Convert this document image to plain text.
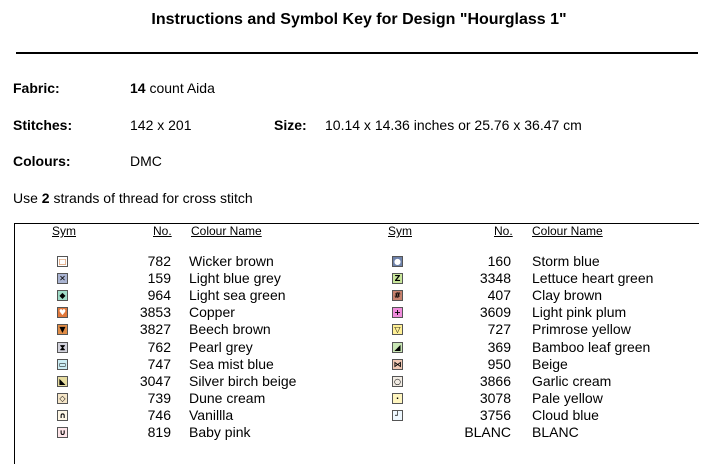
Instructions and Symbol Key for Design "Hourglass 1"
Fabric:	14 count Aida
Stitches:	142 x 201	Size: 10.14 x 14.36 inches or 25.76 x 36.47 cm
Colours:	DMC
Use 2 strands of thread for cross stitch
Sym	No. Colour Name	Sym	No. Colour Name
□	782 Wicker brown
✕	159 Light blue grey
◆	964 Light sea green
♥	3853 Copper
▼	3827 Beech brown
⧗	762 Pearl grey
▭	747 Sea mist blue
◣	3047 Silver birch beige
◇	739 Dune cream
∩	746 Vanillla
∪	819 Baby pink
●	160 Storm blue
Z	3348 Lettuce heart green
#	407 Clay brown
+	3609 Light pink plum
▽	727 Primrose yellow
◢	369 Bamboo leaf green
⋈	950 Beige
○	3866 Garlic cream
·	3078 Pale yellow
┘	3756 Cloud blue
BLANC BLANC
